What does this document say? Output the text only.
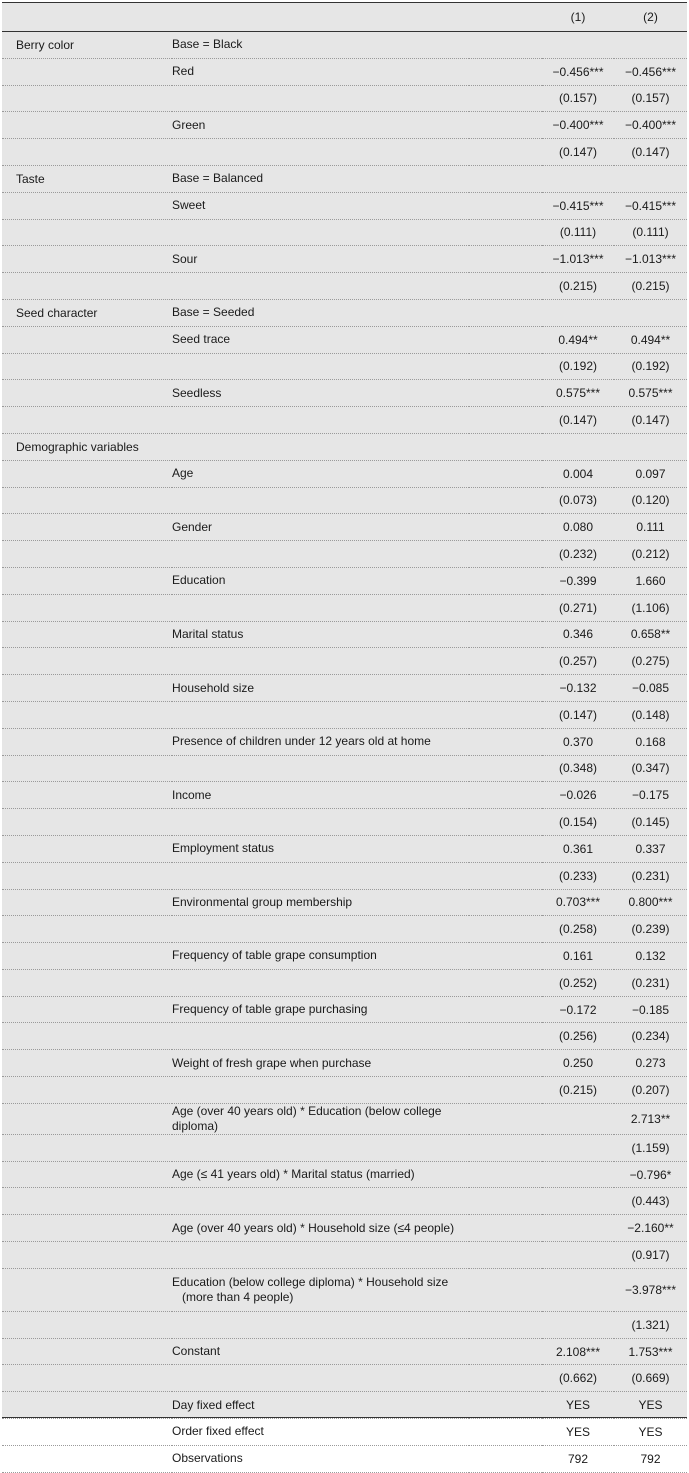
			(1)	(2)
Berry color	Base = Black			
	Red		−0.456***	−0.456***
			(0.157)	(0.157)
	Green		−0.400***	−0.400***
			(0.147)	(0.147)
Taste	Base = Balanced			
	Sweet		−0.415***	−0.415***
			(0.111)	(0.111)
	Sour		−1.013***	−1.013***
			(0.215)	(0.215)
Seed character	Base = Seeded			
	Seed trace		0.494**	0.494**
			(0.192)	(0.192)
	Seedless		0.575***	0.575***
			(0.147)	(0.147)
Demographic variables				
	Age		0.004	0.097
			(0.073)	(0.120)
	Gender		0.080	0.111
			(0.232)	(0.212)
	Education		−0.399	1.660
			(0.271)	(1.106)
	Marital status		0.346	0.658**
			(0.257)	(0.275)
	Household size		−0.132	−0.085
			(0.147)	(0.148)
	Presence of children under 12 years old at home		0.370	0.168
			(0.348)	(0.347)
	Income		−0.026	−0.175
			(0.154)	(0.145)
	Employment status		0.361	0.337
			(0.233)	(0.231)
	Environmental group membership		0.703***	0.800***
			(0.258)	(0.239)
	Frequency of table grape consumption		0.161	0.132
			(0.252)	(0.231)
	Frequency of table grape purchasing		−0.172	−0.185
			(0.256)	(0.234)
	Weight of fresh grape when purchase		0.250	0.273
			(0.215)	(0.207)
	Age (over 40 years old) * Education (below college diploma)			2.713**
				(1.159)
	Age (≤ 41 years old) * Marital status (married)			−0.796*
				(0.443)
	Age (over 40 years old) * Household size (≤4 people)			−2.160**
				(0.917)

	Education (below college diploma) * Household size (more than 4 people)			−3.978***
				(1.321)
	Constant		2.108***	1.753***
			(0.662)	(0.669)
	Day fixed effect		YES	YES
	Order fixed effect		YES	YES
	Observations		792	792
